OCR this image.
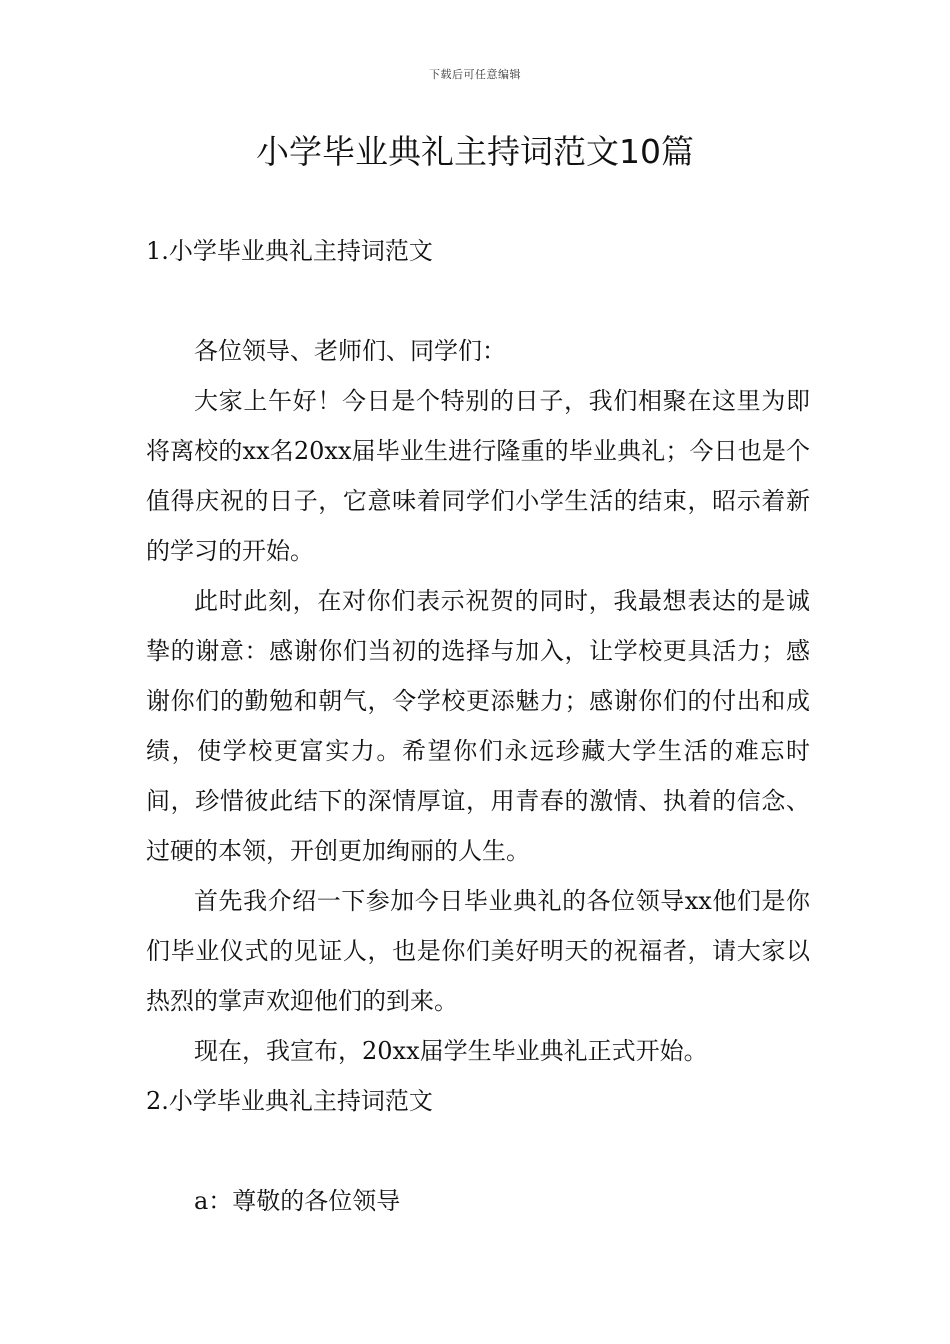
下载后可任意编辑
小学毕业典礼主持词范文10篇
1.小学毕业典礼主持词范文

各位领导、老师们、同学们：

大家上午好！今日是个特别的日子，我们相聚在这里为即将离校的xx名20xx届毕业生进行隆重的毕业典礼；今日也是个值得庆祝的日子，它意味着同学们小学生活的结束，昭示着新的学习的开始。

此时此刻，在对你们表示祝贺的同时，我最想表达的是诚挚的谢意：感谢你们当初的选择与加入，让学校更具活力；感谢你们的勤勉和朝气，令学校更添魅力；感谢你们的付出和成绩，使学校更富实力。希望你们永远珍藏大学生活的难忘时间，珍惜彼此结下的深情厚谊，用青春的激情、执着的信念、过硬的本领，开创更加绚丽的人生。

首先我介绍一下参加今日毕业典礼的各位领导xx他们是你们毕业仪式的见证人，也是你们美好明天的祝福者，请大家以热烈的掌声欢迎他们的到来。

现在，我宣布，20xx届学生毕业典礼正式开始。

2.小学毕业典礼主持词范文

a：尊敬的各位领导
